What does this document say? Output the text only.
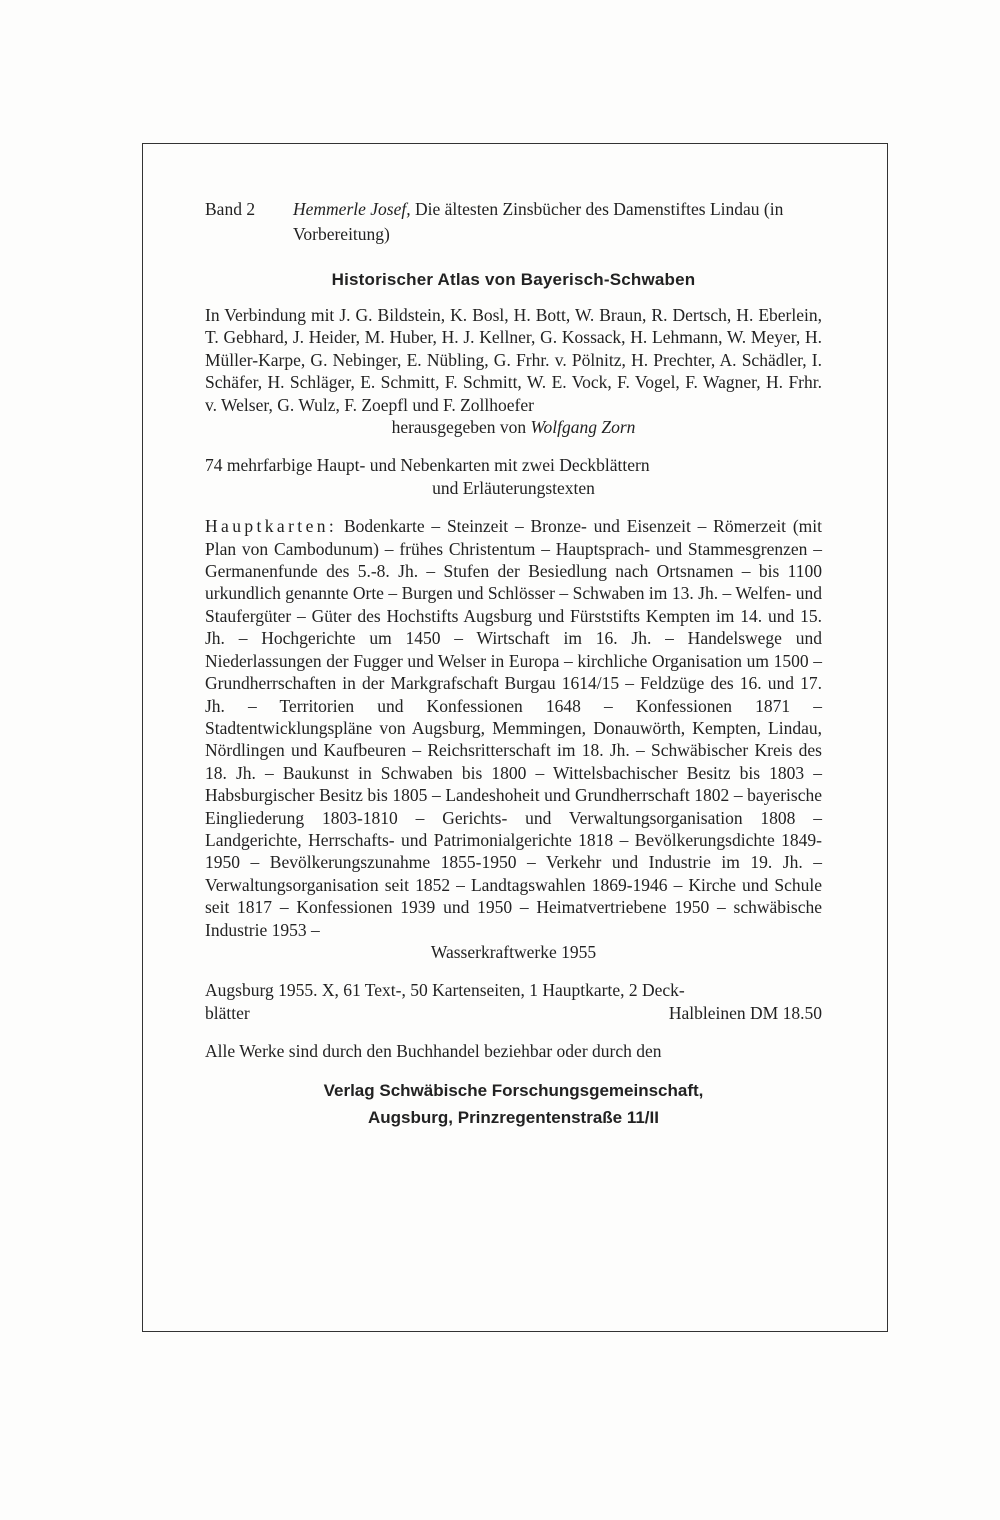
Band 2 Hemmerle Josef, Die ältesten Zinsbücher des Damenstiftes Lindau (in Vorbereitung)

Historischer Atlas von Bayerisch-Schwaben

In Verbindung mit J. G. Bildstein, K. Bosl, H. Bott, W. Braun, R. Dertsch, H. Eberlein, T. Gebhard, J. Heider, M. Huber, H. J. Kellner, G. Kossack, H. Lehmann, W. Meyer, H. Müller-Karpe, G. Nebinger, E. Nübling, G. Frhr. v. Pölnitz, H. Prechter, A. Schädler, I. Schäfer, H. Schläger, E. Schmitt, F. Schmitt, W. E. Vock, F. Vogel, F. Wagner, H. Frhr. v. Welser, G. Wulz, F. Zoepfl und F. Zollhoefer

herausgegeben von Wolfgang Zorn

74 mehrfarbige Haupt- und Nebenkarten mit zwei Deckblättern

und Erläuterungstexten

Hauptkarten: Bodenkarte – Steinzeit – Bronze- und Eisenzeit – Römerzeit (mit Plan von Cambodunum) – frühes Christentum – Hauptsprach- und Stammesgrenzen – Germanenfunde des 5.-8. Jh. – Stufen der Besiedlung nach Ortsnamen – bis 1100 urkundlich genannte Orte – Burgen und Schlösser – Schwaben im 13. Jh. – Welfen- und Staufergüter – Güter des Hochstifts Augsburg und Fürststifts Kempten im 14. und 15. Jh. – Hochgerichte um 1450 – Wirtschaft im 16. Jh. – Handelswege und Niederlassungen der Fugger und Welser in Europa – kirchliche Organisation um 1500 – Grundherrschaften in der Markgrafschaft Burgau 1614/15 – Feldzüge des 16. und 17. Jh. – Territorien und Konfessionen 1648 – Konfessionen 1871 – Stadtentwicklungspläne von Augsburg, Memmingen, Donauwörth, Kempten, Lindau, Nördlingen und Kaufbeuren – Reichsritterschaft im 18. Jh. – Schwäbischer Kreis des 18. Jh. – Baukunst in Schwaben bis 1800 – Wittelsbachischer Besitz bis 1803 – Habsburgischer Besitz bis 1805 – Landeshoheit und Grundherrschaft 1802 – bayerische Eingliederung 1803-1810 – Gerichts- und Verwaltungsorganisation 1808 – Landgerichte, Herrschafts- und Patrimonialgerichte 1818 – Bevölkerungsdichte 1849-1950 – Bevölkerungszunahme 1855-1950 – Verkehr und Industrie im 19. Jh. – Verwaltungsorganisation seit 1852 – Landtagswahlen 1869-1946 – Kirche und Schule seit 1817 – Konfessionen 1939 und 1950 – Heimatvertriebene 1950 – schwäbische Industrie 1953 –

Wasserkraftwerke 1955

Augsburg 1955. X, 61 Text-, 50 Kartenseiten, 1 Hauptkarte, 2 Deck-

blätter	Halbleinen DM 18.50

Alle Werke sind durch den Buchhandel beziehbar oder durch den

Verlag Schwäbische Forschungsgemeinschaft,
Augsburg, Prinzregentenstraße 11/II
